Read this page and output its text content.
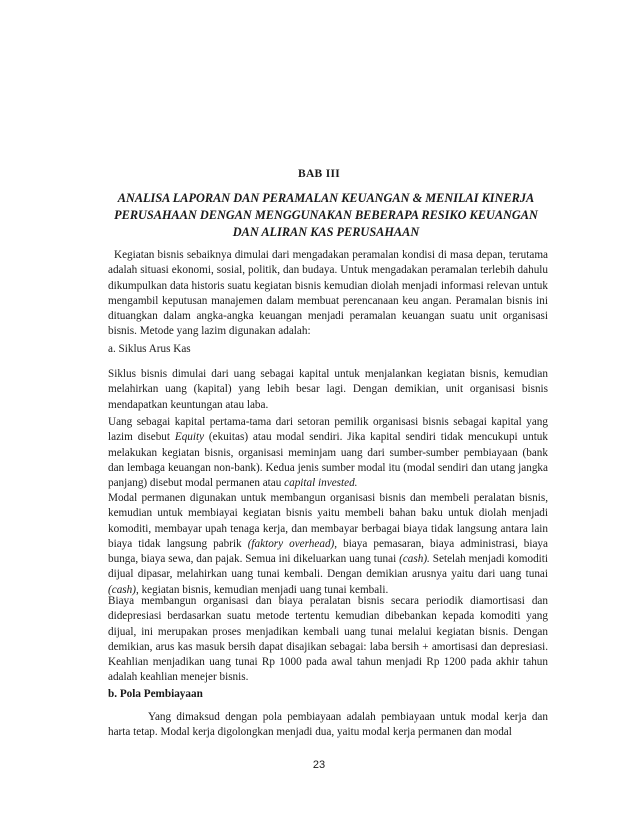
BAB III
ANALISA LAPORAN DAN PERAMALAN KEUANGAN & MENILAI KINERJA
PERUSAHAAN DENGAN MENGGUNAKAN BEBERAPA RESIKO KEUANGAN
DAN ALIRAN KAS PERUSAHAAN

Kegiatan bisnis sebaiknya dimulai dari mengadakan peramalan kondisi di masa depan, terutama adalah situasi ekonomi, sosial, politik, dan budaya. Untuk mengadakan peramalan terlebih dahulu dikumpulkan data historis suatu kegiatan bisnis kemudian diolah menjadi informasi relevan untuk mengambil keputusan manajemen dalam membuat perencanaan keu angan. Peramalan bisnis ini dituangkan dalam angka-angka keuangan menjadi peramalan keuangan suatu unit organisasi bisnis. Metode yang lazim digunakan adalah:

a. Siklus Arus Kas

Siklus bisnis dimulai dari uang sebagai kapital untuk menjalankan kegiatan bisnis, kemudian melahirkan uang (kapital) yang lebih besar lagi. Dengan demikian, unit organisasi bisnis mendapatkan keuntungan atau laba.

Uang sebagai kapital pertama-tama dari setoran pemilik organisasi bisnis sebagai kapital yang lazim disebut Equity (ekuitas) atau modal sendiri. Jika kapital sendiri tidak mencukupi untuk melakukan kegiatan bisnis, organisasi meminjam uang dari sumber-sumber pembiayaan (bank dan lembaga keuangan non-bank). Kedua jenis sumber modal itu (modal sendiri dan utang jangka panjang) disebut modal permanen atau capital invested.

Modal permanen digunakan untuk membangun organisasi bisnis dan membeli peralatan bisnis, kemudian untuk membiayai kegiatan bisnis yaitu membeli bahan baku untuk diolah menjadi komoditi, membayar upah tenaga kerja, dan membayar berbagai biaya tidak langsung antara lain biaya tidak langsung pabrik (faktory overhead), biaya pemasaran, biaya administrasi, biaya bunga, biaya sewa, dan pajak. Semua ini dikeluarkan uang tunai (cash). Setelah menjadi komoditi dijual dipasar, melahirkan uang tunai kembali. Dengan demikian arusnya yaitu dari uang tunai (cash), kegiatan bisnis, kemudian menjadi uang tunai kembali.

Biaya membangun organisasi dan biaya peralatan bisnis secara periodik diamortisasi dan didepresiasi berdasarkan suatu metode tertentu kemudian dibebankan kepada komoditi yang dijual, ini merupakan proses menjadikan kembali uang tunai melalui kegiatan bisnis. Dengan demikian, arus kas masuk bersih dapat disajikan sebagai: laba bersih + amortisasi dan depresiasi. Keahlian menjadikan uang tunai Rp 1000 pada awal tahun menjadi Rp 1200 pada akhir tahun adalah keahlian menejer bisnis.

b. Pola Pembiayaan

Yang dimaksud dengan pola pembiayaan adalah pembiayaan untuk modal kerja dan harta tetap. Modal kerja digolongkan menjadi dua, yaitu modal kerja permanen dan modal

23
